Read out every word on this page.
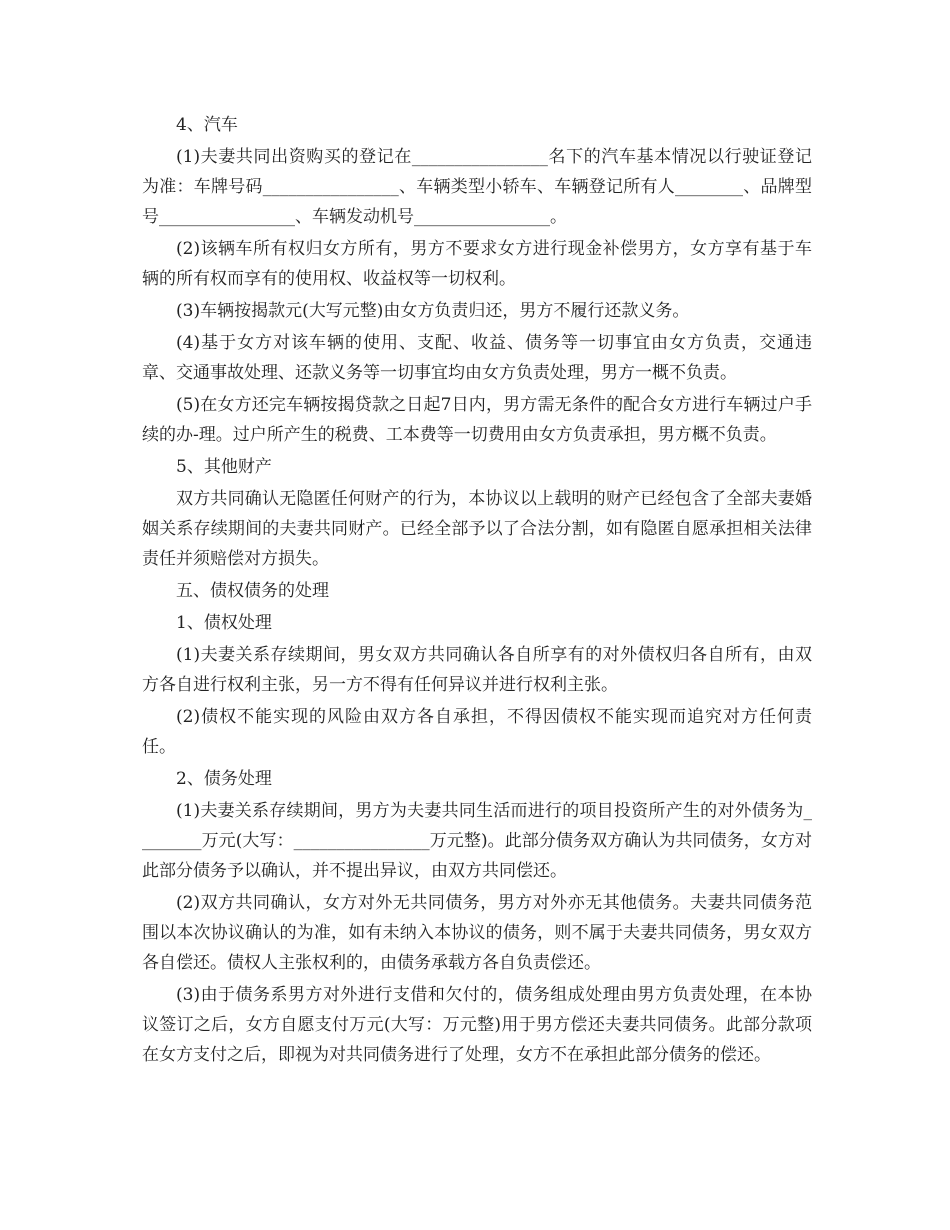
4、汽车

(1)夫妻共同出资购买的登记在________________名下的汽车基本情况以行驶证登记为准：车牌号码________________、车辆类型小轿车、车辆登记所有人________、品牌型号________________、车辆发动机号________________。

(2)该辆车所有权归女方所有，男方不要求女方进行现金补偿男方，女方享有基于车辆的所有权而享有的使用权、收益权等一切权利。

(3)车辆按揭款元(大写元整)由女方负责归还，男方不履行还款义务。

(4)基于女方对该车辆的使用、支配、收益、债务等一切事宜由女方负责，交通违章、交通事故处理、还款义务等一切事宜均由女方负责处理，男方一概不负责。

(5)在女方还完车辆按揭贷款之日起7日内，男方需无条件的配合女方进行车辆过户手续的办-理。过户所产生的税费、工本费等一切费用由女方负责承担，男方概不负责。

5、其他财产

双方共同确认无隐匿任何财产的行为，本协议以上载明的财产已经包含了全部夫妻婚姻关系存续期间的夫妻共同财产。已经全部予以了合法分割，如有隐匿自愿承担相关法律责任并须赔偿对方损失。

五、债权债务的处理

1、债权处理

(1)夫妻关系存续期间，男女双方共同确认各自所享有的对外债权归各自所有，由双方各自进行权利主张，另一方不得有任何异议并进行权利主张。

(2)债权不能实现的风险由双方各自承担，不得因债权不能实现而追究对方任何责任。

2、债务处理

(1)夫妻关系存续期间，男方为夫妻共同生活而进行的项目投资所产生的对外债务为________万元(大写：________________万元整)。此部分债务双方确认为共同债务，女方对此部分债务予以确认，并不提出异议，由双方共同偿还。

(2)双方共同确认，女方对外无共同债务，男方对外亦无其他债务。夫妻共同债务范围以本次协议确认的为准，如有未纳入本协议的债务，则不属于夫妻共同债务，男女双方各自偿还。债权人主张权利的，由债务承载方各自负责偿还。

(3)由于债务系男方对外进行支借和欠付的，债务组成处理由男方负责处理，在本协议签订之后，女方自愿支付万元(大写：万元整)用于男方偿还夫妻共同债务。此部分款项在女方支付之后，即视为对共同债务进行了处理，女方不在承担此部分债务的偿还。
